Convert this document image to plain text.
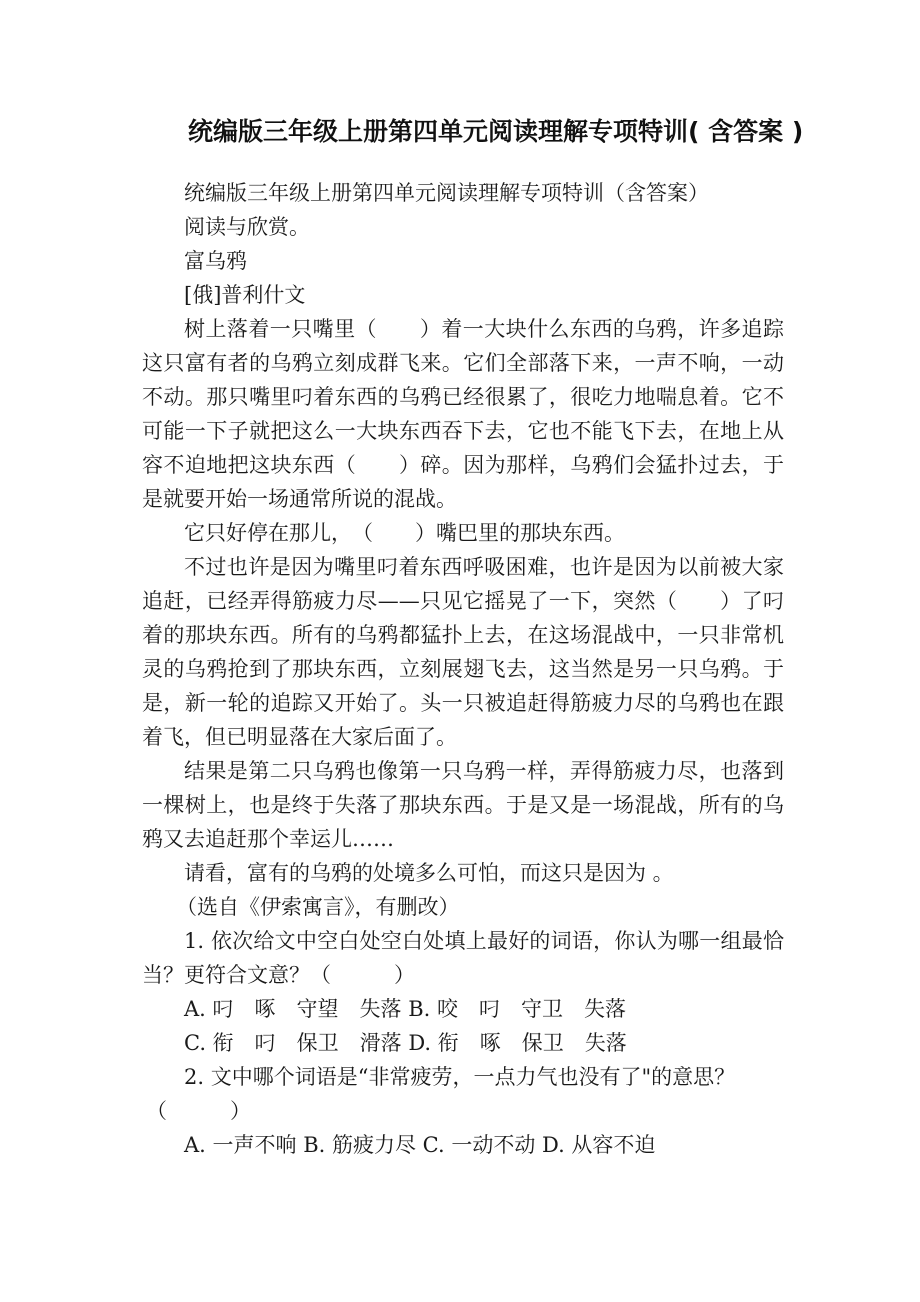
统编版三年级上册第四单元阅读理解专项特训( 含答案 )

统编版三年级上册第四单元阅读理解专项特训（含答案）

阅读与欣赏。

富乌鸦

[俄]普利什文

树上落着一只嘴里（　　）着一大块什么东西的乌鸦，许多追踪这只富有者的乌鸦立刻成群飞来。它们全部落下来，一声不响，一动不动。那只嘴里叼着东西的乌鸦已经很累了，很吃力地喘息着。它不可能一下子就把这么一大块东西吞下去，它也不能飞下去，在地上从容不迫地把这块东西（　　）碎。因为那样，乌鸦们会猛扑过去，于是就要开始一场通常所说的混战。

它只好停在那儿，　（　　）嘴巴里的那块东西。

不过也许是因为嘴里叼着东西呼吸困难，也许是因为以前被大家追赶，已经弄得筋疲力尽——只见它摇晃了一下，突然（　　）了叼着的那块东西。所有的乌鸦都猛扑上去，在这场混战中，一只非常机灵的乌鸦抢到了那块东西，立刻展翅飞去，这当然是另一只乌鸦。于是，新一轮的追踪又开始了。头一只被追赶得筋疲力尽的乌鸦也在跟着飞，但已明显落在大家后面了。

结果是第二只乌鸦也像第一只乌鸦一样，弄得筋疲力尽，也落到一棵树上，也是终于失落了那块东西。于是又是一场混战，所有的乌鸦又去追赶那个幸运儿……

请看，富有的乌鸦的处境多么可怕，而这只是因为 。

（选自《伊索寓言》，有删改）

1. 依次给文中空白处空白处填上最好的词语，你认为哪一组最恰当？更符合文意？（　　　）

A. 叼　啄　守望　失落 B. 咬　叼　守卫　失落

C. 衔　叼　保卫　滑落 D. 衔　啄　保卫　失落

2. 文中哪个词语是“非常疲劳，一点力气也没有了"的意思？

（　　　）

A. 一声不响 B. 筋疲力尽 C. 一动不动 D. 从容不迫
